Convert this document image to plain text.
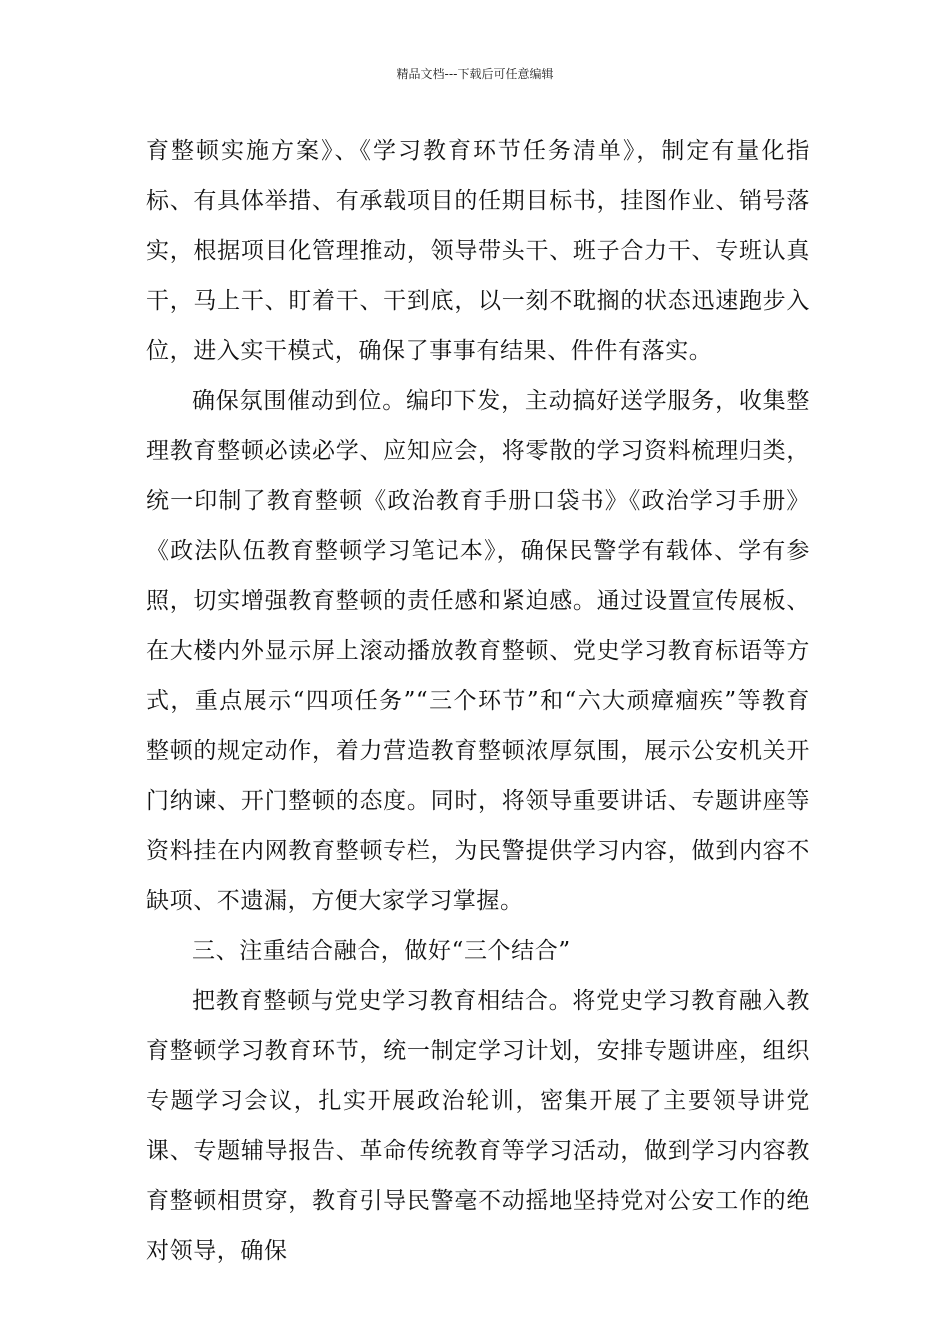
精品文档---下载后可任意编辑

育整顿实施方案》、《学习教育环节任务清单》，制定有量化指标、有具体举措、有承载项目的任期目标书，挂图作业、销号落实，根据项目化管理推动，领导带头干、班子合力干、专班认真干，马上干、盯着干、干到底，以一刻不耽搁的状态迅速跑步入位，进入实干模式，确保了事事有结果、件件有落实。

确保氛围催动到位。编印下发，主动搞好送学服务，收集整理教育整顿必读必学、应知应会，将零散的学习资料梳理归类，统一印制了教育整顿《政治教育手册口袋书》《政治学习手册》《政法队伍教育整顿学习笔记本》，确保民警学有载体、学有参照，切实增强教育整顿的责任感和紧迫感。通过设置宣传展板、在大楼内外显示屏上滚动播放教育整顿、党史学习教育标语等方式，重点展示“四项任务”“三个环节”和“六大顽瘴痼疾”等教育整顿的规定动作，着力营造教育整顿浓厚氛围，展示公安机关开门纳谏、开门整顿的态度。同时，将领导重要讲话、专题讲座等资料挂在内网教育整顿专栏，为民警提供学习内容，做到内容不缺项、不遗漏，方便大家学习掌握。

三、注重结合融合，做好“三个结合”

把教育整顿与党史学习教育相结合。将党史学习教育融入教育整顿学习教育环节，统一制定学习计划，安排专题讲座，组织专题学习会议，扎实开展政治轮训，密集开展了主要领导讲党课、专题辅导报告、革命传统教育等学习活动，做到学习内容教育整顿相贯穿，教育引导民警毫不动摇地坚持党对公安工作的绝对领导，确保
